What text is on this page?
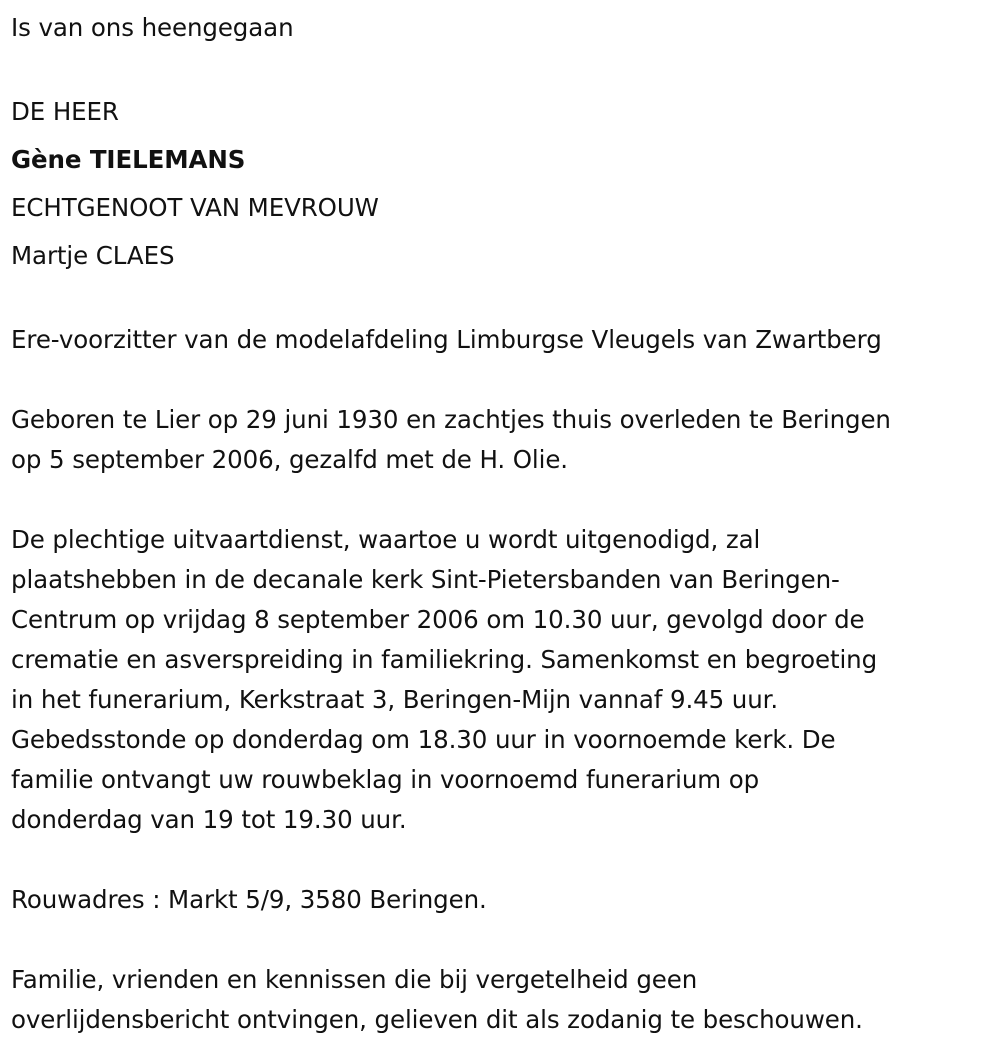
Is van ons heengegaan
DE HEER
Gène TIELEMANS
ECHTGENOOT VAN MEVROUW
Martje CLAES
Ere-voorzitter van de modelafdeling Limburgse Vleugels van Zwartberg
Geboren te Lier op 29 juni 1930 en zachtjes thuis overleden te Beringen
op 5 september 2006, gezalfd met de H. Olie.
De plechtige uitvaartdienst, waartoe u wordt uitgenodigd, zal
plaatshebben in de decanale kerk Sint-Pietersbanden van Beringen-
Centrum op vrijdag 8 september 2006 om 10.30 uur, gevolgd door de
crematie en asverspreiding in familiekring. Samenkomst en begroeting
in het funerarium, Kerkstraat 3, Beringen-Mijn vannaf 9.45 uur.
Gebedsstonde op donderdag om 18.30 uur in voornoemde kerk. De
familie ontvangt uw rouwbeklag in voornoemd funerarium op
donderdag van 19 tot 19.30 uur.
Rouwadres : Markt 5/9, 3580 Beringen.
Familie, vrienden en kennissen die bij vergetelheid geen
overlijdensbericht ontvingen, gelieven dit als zodanig te beschouwen.
